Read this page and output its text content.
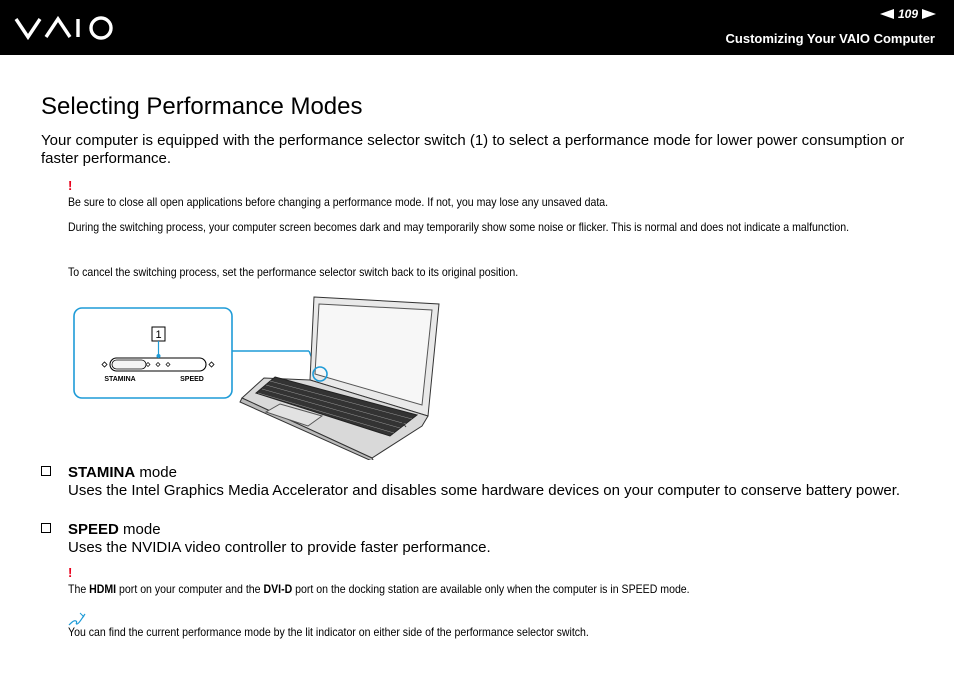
109
Customizing Your VAIO Computer
Selecting Performance Modes

Your computer is equipped with the performance selector switch (1) to select a performance mode for lower power consumption or faster performance.

!

Be sure to close all open applications before changing a performance mode. If not, you may lose any unsaved data.

During the switching process, your computer screen becomes dark and may temporarily show some noise or flicker. This is normal and does not indicate a malfunction.

To cancel the switching process, set the performance selector switch back to its original position.

1
STAMINA	SPEED
STAMINA mode
Uses the Intel Graphics Media Accelerator and disables some hardware devices on your computer to conserve battery power.
SPEED mode
Uses the NVIDIA video controller to provide faster performance.
!

The HDMI port on your computer and the DVI-D port on the docking station are available only when the computer is in SPEED mode.

You can find the current performance mode by the lit indicator on either side of the performance selector switch.
